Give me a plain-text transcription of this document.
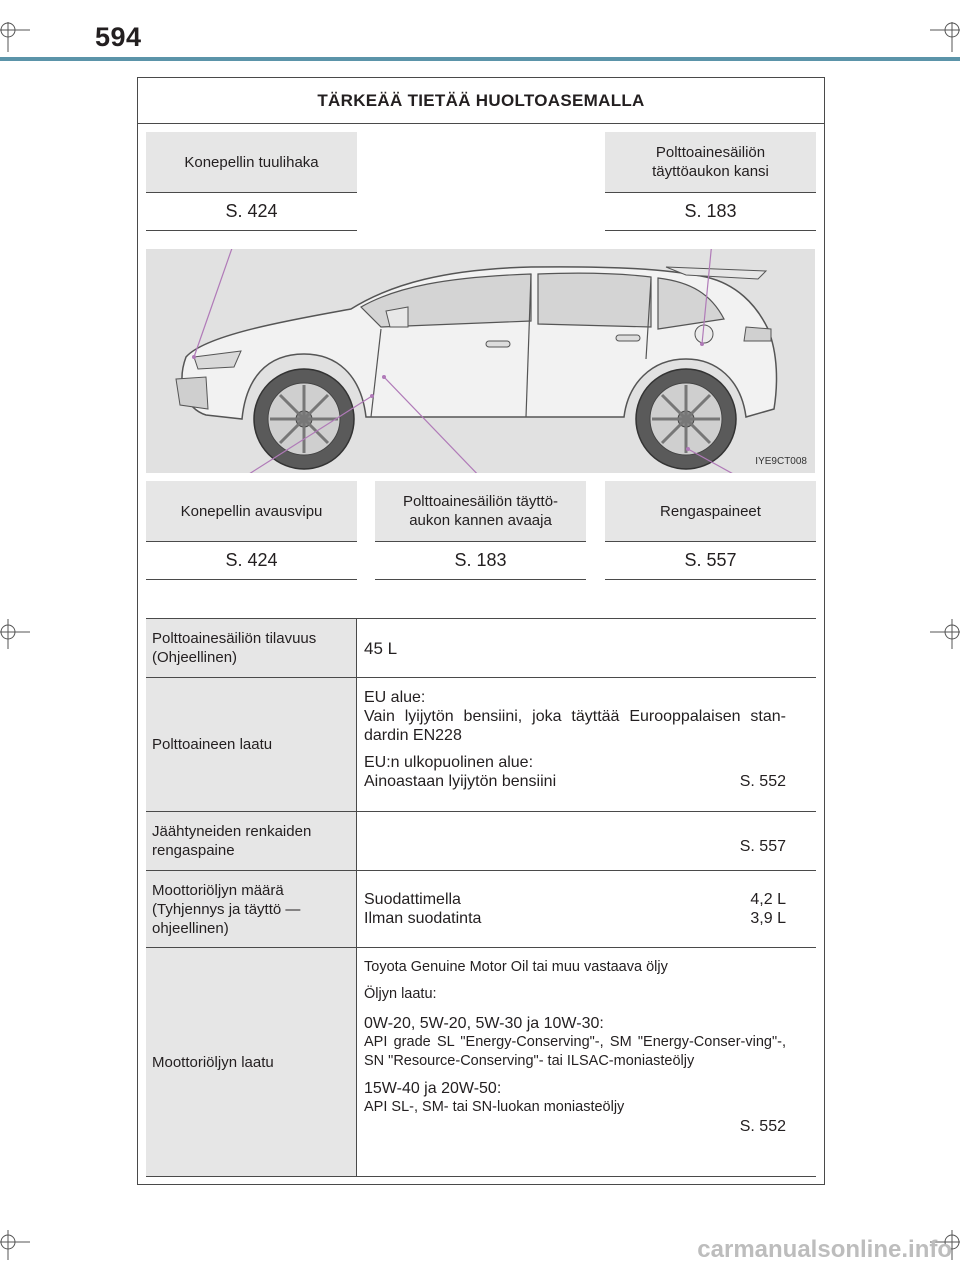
594
TÄRKEÄÄ TIETÄÄ HUOLTOASEMALLA
Konepellin tuulihaka
S. 424
Polttoainesäiliön
täyttöaukon kansi
S. 183
IYE9CT008
Konepellin avausvipu
S. 424
Polttoainesäiliön täyttö-
aukon kannen avaaja
S. 183
Rengaspaineet
S. 557
Polttoainesäiliön tilavuus
(Ohjeellinen)	45 L
Polttoaineen laatu
EU alue:
Vain lyijytön bensiini, joka täyttää Eurooppalaisen stan-dardin EN228
EU:n ulkopuolinen alue:
Ainoastaan lyijytön bensiini	S. 552
Jäähtyneiden renkaiden
rengaspaine	S. 557
Moottoriöljyn määrä
(Tyhjennys ja täyttö —
ohjeellinen)
Suodattimella	4,2 L
Ilman suodatinta	3,9 L
Moottoriöljyn laatu
Toyota Genuine Motor Oil tai muu vastaava öljy
Öljyn laatu:
0W-20, 5W-20, 5W-30 ja 10W-30:
API grade SL "Energy-Conserving"-, SM "Energy-Conser-ving"-, SN "Resource-Conserving"- tai ILSAC-moniasteöljy
15W-40 ja 20W-50:
API SL-, SM- tai SN-luokan moniasteöljy
S. 552
carmanualsonline.info
